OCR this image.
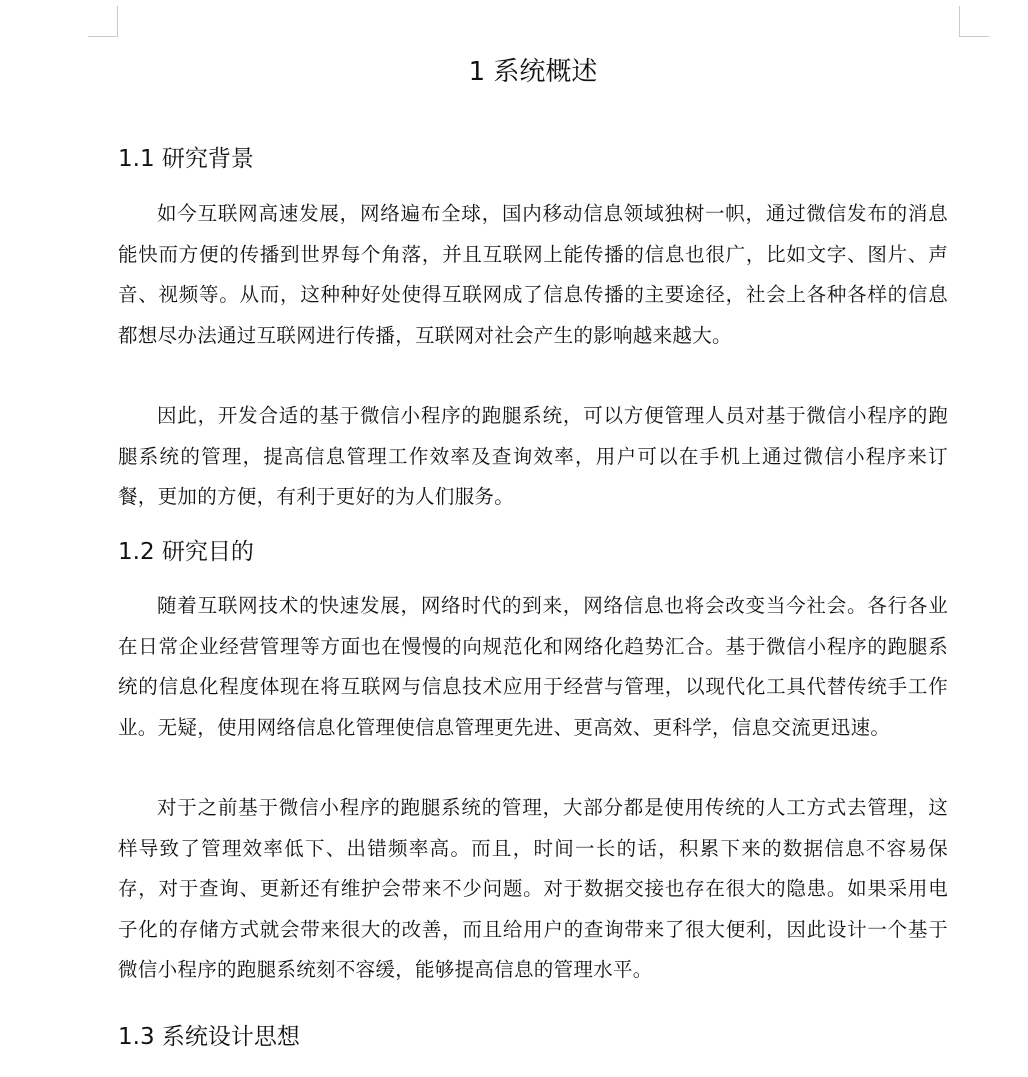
1 系统概述
1.1 研究背景

如今互联网高速发展，网络遍布全球，国内移动信息领域独树一帜，通过微信发布的消息能快而方便的传播到世界每个角落，并且互联网上能传播的信息也很广，比如文字、图片、声音、视频等。从而，这种种好处使得互联网成了信息传播的主要途径，社会上各种各样的信息都想尽办法通过互联网进行传播，互联网对社会产生的影响越来越大。

因此，开发合适的基于微信小程序的跑腿系统，可以方便管理人员对基于微信小程序的跑腿系统的管理，提高信息管理工作效率及查询效率，用户可以在手机上通过微信小程序来订餐，更加的方便，有利于更好的为人们服务。

1.2 研究目的

随着互联网技术的快速发展，网络时代的到来，网络信息也将会改变当今社会。各行各业在日常企业经营管理等方面也在慢慢的向规范化和网络化趋势汇合。基于微信小程序的跑腿系统的信息化程度体现在将互联网与信息技术应用于经营与管理，以现代化工具代替传统手工作业。无疑，使用网络信息化管理使信息管理更先进、更高效、更科学，信息交流更迅速。

对于之前基于微信小程序的跑腿系统的管理，大部分都是使用传统的人工方式去管理，这样导致了管理效率低下、出错频率高。而且，时间一长的话，积累下来的数据信息不容易保存，对于查询、更新还有维护会带来不少问题。对于数据交接也存在很大的隐患。如果采用电子化的存储方式就会带来很大的改善，而且给用户的查询带来了很大便利，因此设计一个基于微信小程序的跑腿系统刻不容缓，能够提高信息的管理水平。

1.3 系统设计思想
